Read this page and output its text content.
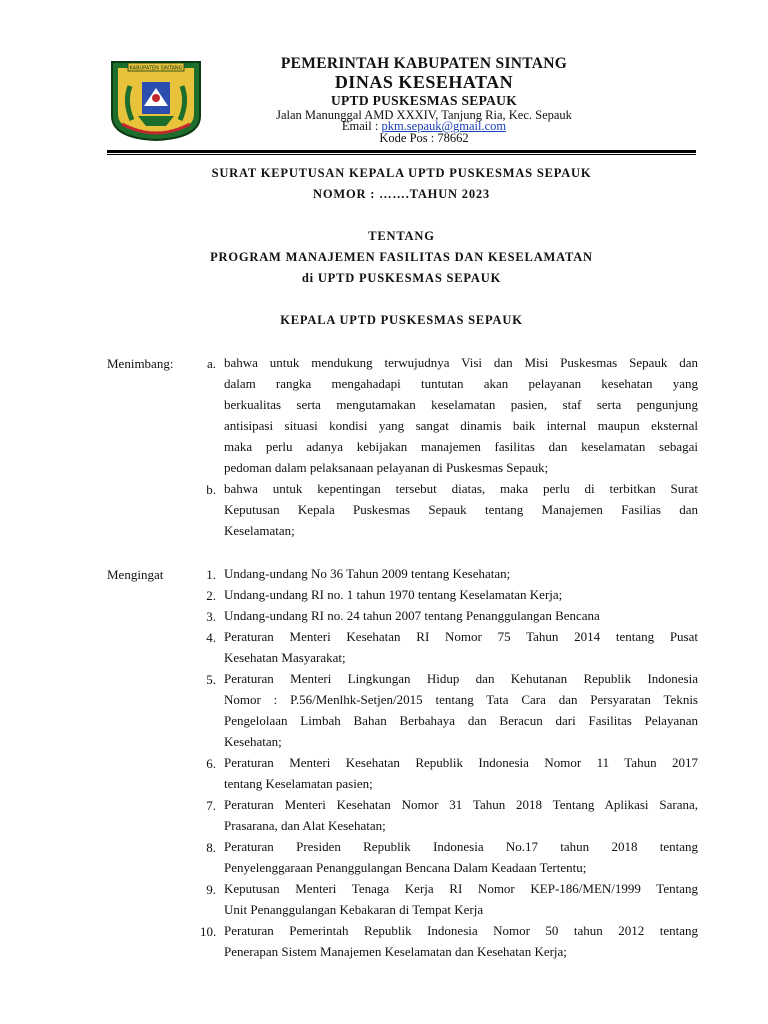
KABUPATEN SINTANG	PEMERINTAH KABUPATEN SINTANG
DINAS KESEHATAN
UPTD PUSKESMAS SEPAUK
Jalan Manunggal AMD XXXIV, Tanjung Ria, Kec. Sepauk
Email : pkm.sepauk@gmail.com
Kode Pos : 78662
SURAT KEPUTUSAN KEPALA UPTD PUSKESMAS SEPAUK
NOMOR : …….TAHUN 2023
TENTANG
PROGRAM MANAJEMEN FASILITAS DAN KESELAMATAN
di UPTD PUSKESMAS SEPAUK
KEPALA UPTD PUSKESMAS SEPAUK
Menimbang:	a. bahwa untuk mendukung terwujudnya Visi dan Misi Puskesmas Sepauk dan
dalam rangka mengahadapi tuntutan akan pelayanan kesehatan yang
berkualitas serta mengutamakan keselamatan pasien, staf serta pengunjung
antisipasi situasi kondisi yang sangat dinamis baik internal maupun eksternal
maka perlu adanya kebijakan manajemen fasilitas dan keselamatan sebagai
pedoman dalam pelaksanaan pelayanan di Puskesmas Sepauk;
b. bahwa untuk kepentingan tersebut diatas, maka perlu di terbitkan Surat
Keputusan Kepala Puskesmas Sepauk tentang Manajemen Fasilias dan
Keselamatan;
Mengingat	1. Undang-undang No 36 Tahun 2009 tentang Kesehatan;
2. Undang-undang RI no. 1 tahun 1970 tentang Keselamatan Kerja;
3. Undang-undang RI no. 24 tahun 2007 tentang Penanggulangan Bencana
4. Peraturan Menteri Kesehatan RI Nomor 75 Tahun 2014 tentang Pusat
Kesehatan Masyarakat;
5. Peraturan Menteri Lingkungan Hidup dan Kehutanan Republik Indonesia
Nomor : P.56/Menlhk-Setjen/2015 tentang Tata Cara dan Persyaratan Teknis
Pengelolaan Limbah Bahan Berbahaya dan Beracun dari Fasilitas Pelayanan
Kesehatan;
6. Peraturan Menteri Kesehatan Republik Indonesia Nomor 11 Tahun 2017
tentang Keselamatan pasien;
7. Peraturan Menteri Kesehatan Nomor 31 Tahun 2018 Tentang Aplikasi Sarana,
Prasarana, dan Alat Kesehatan;
8. Peraturan Presiden Republik Indonesia No.17 tahun 2018 tentang
Penyelenggaraan Penanggulangan Bencana Dalam Keadaan Tertentu;
9. Keputusan Menteri Tenaga Kerja RI Nomor KEP-186/MEN/1999 Tentang
Unit Penanggulangan Kebakaran di Tempat Kerja
10. Peraturan Pemerintah Republik Indonesia Nomor 50 tahun 2012 tentang
Penerapan Sistem Manajemen Keselamatan dan Kesehatan Kerja;
